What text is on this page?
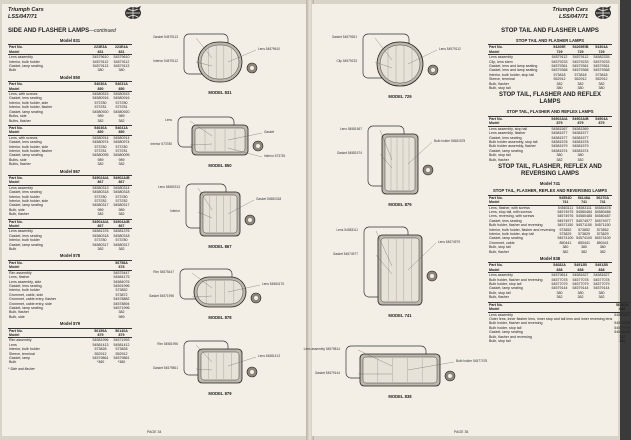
Triumph Cars
LSS/047/71
SIDE AND FLASHER LAMPS—continued
Model 831
Part No.	223Е3А	223Е4А
Model	831	831
Lens assembly	54579610	54579610
Interior, bulb holder	54579112	54579112
Gasket, lamp seating	54579113	54579113
Bulb	380	380
Model 850
Part No.	54630А	54631А
Model	850	850
Lens, with screws	54580515	54580515
Gasket, lens seating	54580916	54580916
Interior, bulb holder, side	573780	573780
Interior, bulb holder, flasher	573781	573781
Gasket, lamp seating	54580920	54580920
Bulbs, side	989	989
Bulbs, flasher	382	382
Part No.	54640А	54641А
Model	850	850
Lens, with screws	54580914	54580914
Gasket, lens seating	54580974	54580974
Interior, bulb holder, side	573780	573780
Interior, bulb holder, flasher	573781	573781
Gasket, lamp seating	54580095	54580095
Bulbs, side	989	989
Bulbs, flasher	382	382
Model 867
Part No.	54902А/А	54902А/В
Model	867	867
Lens assembly	54580313	54580314
Gasket, lens seating	54580318	54580318
Interior, bulb holder	573780	573780
Interior, bulb holder, side	573782	573782
Gasket, lamp seating	54580317	54580317
Bulb, side	989	989
Bulb, flasher	382	382
Part No.	54904А/А	54904А/В
Model	867	867
Lens assembly	54581376	54581376
Gasket, lens seating	54580318	54580318
Interior, bulb holder	573780	573780
Gasket, lamp seating	54580317	54580317
Bulb	382	382
Model 878
Part No.	56758А
Model	878
Rim assembly	54575447
Lens, flasher	54584175
Lens assembly, side	54584076
Gasket, lens seating	54591996
Interior, bulb holder	573852
Grommet, cable, side	573872
Grommet, cable entry, flasher	54578882
Grommet, cable entry, side	54578894
Gasket, lamp seating	54571996
Bulb, flasher	382
Bulb, side	989
Model 879
Part No.	56159А	56140А
Model	879	879
Rim assembly	54581996	54571993
Lens	54581413	54581412
Interior, bulb holder	573828	573828
Sleeve, terminal	552912	552912
Gasket, lamp	54579861	54579861
Bulb	*380	*380
* Side and flasher
Gasket 54579113
Lens 54579610
Interior 54579112
MODEL 831
Lens
Gasket
Interior 573780
Interior 573781
MODEL 850
Lens 54580313
Gasket 54580318
Interior
MODEL 867
Rim 54575447
Lens 54584175
Gasket 54571996
MODEL 878
Rim 54581996
Lens 54581413
Gasket 54579861
MODEL 879
PAGE 34
Triumph Cars
LSS/047/71
Gasket 54579361
Lens 54579112
Clip 54579233
MODEL 729
Lens 54581567
Bulb holder 54581578
Gasket 54581574
MODEL 879
Lens 54583111
Lens 54574975
Gasket 54574977
MODEL 741
Lens assembly 54579814
Bulb holder 54577078
Gasket 54579144
MODEL 838
STOP TAIL AND FLASHER LAMPS
STOP TAIL AND FLASHER LAMPS
Part No.	54269Е	54269Е/В	54304А
Model	729	729	729
Lens assembly	54579112	54579112	54582335
Clip, lens stem	54579233	54579233	54579233
Gasket, lens and lamp seating	54579361	54579361	54579361
Gasket, lens and lamp seating	54579368	54579368	54579368
Interior, bulb holder, stop tail	573818	573818	573818
Sleeve, terminal	552912	552912	552912
Bulb, flasher	382	382	382
Bulb, stop tail	380	380	380
STOP TAIL, FLASHER AND REFLEX LAMPS
STOP TAIL, FLASHER AND REFLEX LAMPS
Part No.	54902А/А	54902А/В	54904А
Model	879	879	879
Lens assembly, stop tail	54581567	54581569	
Lens assembly, flasher	54581577	54581577	
Gasket, lens seating	54581577	54581577	
Bulb holder assembly, stop tail	54581578	54581578	
Bulb holder assembly, flasher	54581579	54581579	
Gasket, lamp seating	54581574	54581574	
Bulb, stop tail	380	380	
Bulb, flasher	382	382	
STOP TAIL, FLASHER, REFLEX AND REVERSING LAMPS
Model 741
STOP TAIL, FLASHER, REFLEX AND REVERSING LAMPS
Part No.	54554D	56148А	56270А
Model	741	741	741
Lens, flasher, with screws	54583111	54583111	54584478
Lens, stop tail, with screws	54574975	54580484	54580486
Lens, reversing, with screws	54574976	54580485	54580487
Gasket, lens seating	54574977	54574977	54574977
Bulb holder, flasher and reversing	54571150	54571150	54571150
Interior, bulb holder, flasher and reversing	573852	573852	573852
Interior, bulb holder, stop tail	573829	573829	573829
Gasket, lamp seating	54574100	54574100	54574100
Grommet, cable	850441	850441	850441
Bulb, stop tail	380	380	380
Bulb, flasher	382	382	382
Model 838
Part No.	54682А	54912В	54912В
Model	838	838	838
Lens assembly	54579814	54581627	54581627
Bulb holder, flasher and reversing	54577078	54577078	54577078
Bulb holder, stop tail	54577079	54577079	54577079
Gasket, lamp seating	54579144	54579144	54579144
Bulb, stop tail	380	380	380
Bulb, flasher	382	382	382
Part No.	56191А
Model	838
Lens assembly	54582437
Outer lens, inner flasher lens, inner stop and tail lens and inner reversing lens	
Bulb holder, flasher and reversing	54577078
Bulb holder, stop tail	54577079
Gasket, lamp seating	54579144
Bulb, flasher and reversing	382
Bulb, stop tail	380
PAGE 35
